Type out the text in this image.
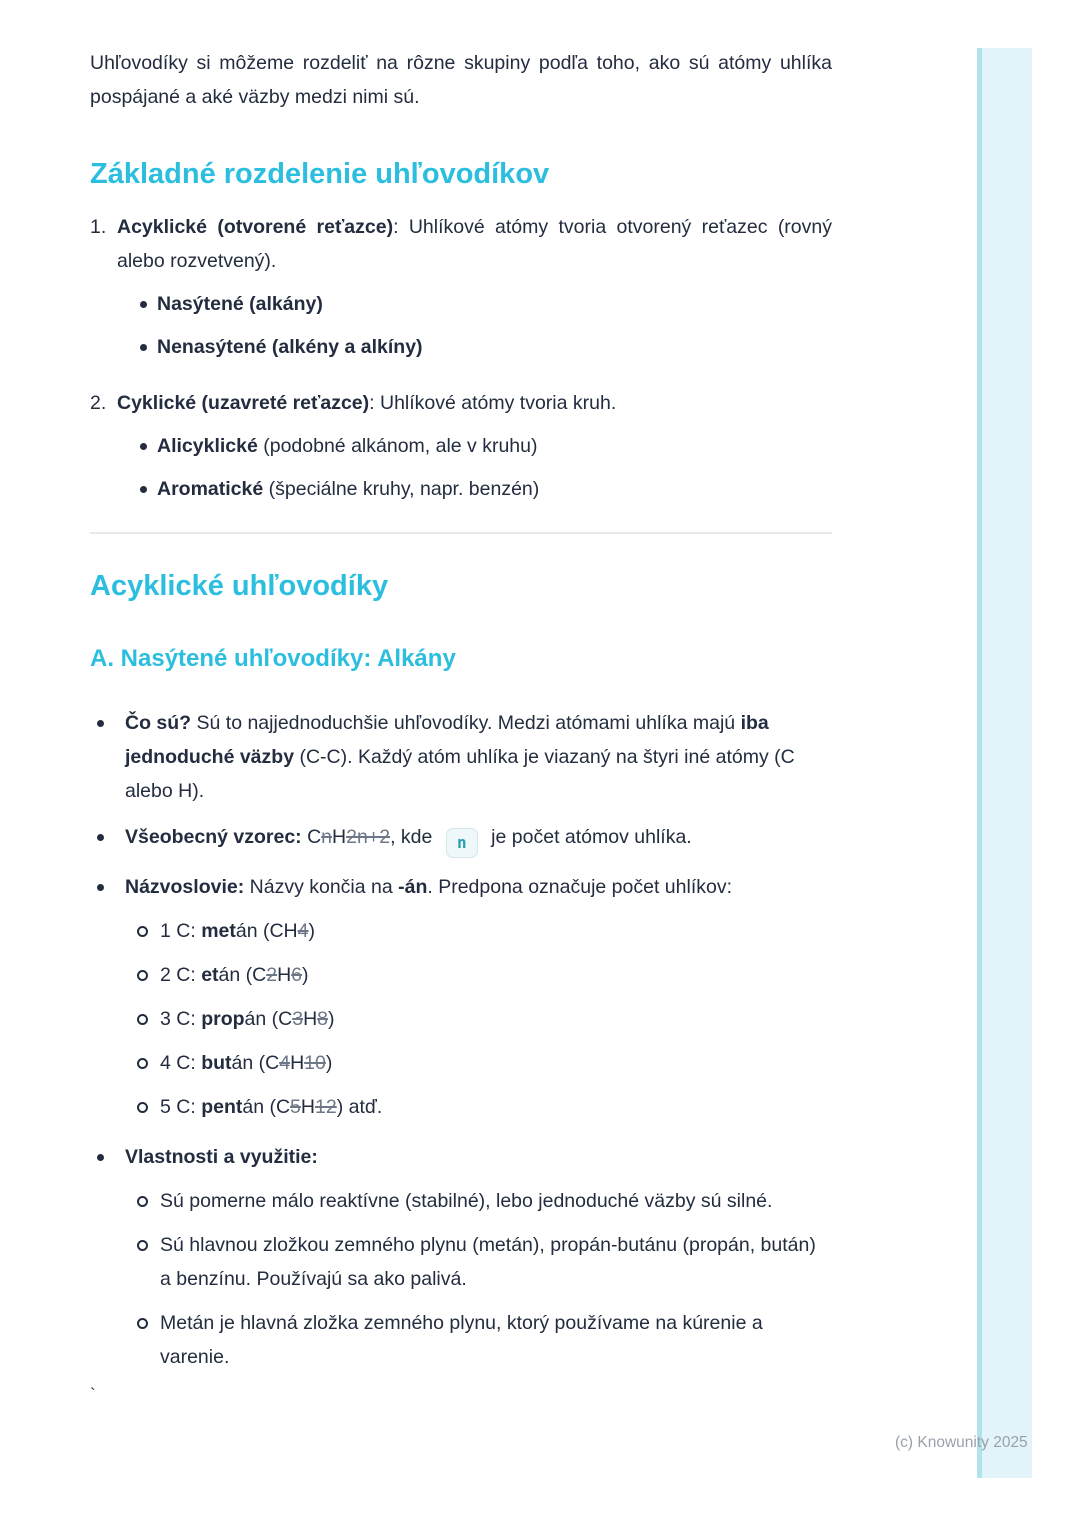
Uhľovodíky si môžeme rozdeliť na rôzne skupiny podľa toho, ako sú atómy uhlíka pospájané a aké väzby medzi nimi sú.

Základné rozdelenie uhľovodíkov
1. Acyklické (otvorené reťazce): Uhlíkové atómy tvoria otvorený reťazec (rovný alebo rozvetvený).
Nasýtené (alkány)
Nenasýtené (alkény a alkíny)
2. Cyklické (uzavreté reťazce): Uhlíkové atómy tvoria kruh.
Alicyklické (podobné alkánom, ale v kruhu)
Aromatické (špeciálne kruhy, napr. benzén)
Acyklické uhľovodíky
A. Nasýtené uhľovodíky: Alkány
Čo sú? Sú to najjednoduchšie uhľovodíky. Medzi atómami uhlíka majú iba jednoduché väzby (C-C). Každý atóm uhlíka je viazaný na štyri iné atómy (C alebo H).
Všeobecný vzorec: CnH2n+2, kde n je počet atómov uhlíka.
Názvoslovie: Názvy končia na -án. Predpona označuje počet uhlíkov:
1 C: metán (CH4)
2 C: etán (C2H6)
3 C: propán (C3H8)
4 C: bután (C4H10)
5 C: pentán (C5H12) atď.
Vlastnosti a využitie:
Sú pomerne málo reaktívne (stabilné), lebo jednoduché väzby sú silné.
Sú hlavnou zložkou zemného plynu (metán), propán-butánu (propán, bután) a benzínu. Používajú sa ako palivá.
Metán je hlavná zložka zemného plynu, ktorý používame na kúrenie a varenie.
`
(c) Knowunity 2025
